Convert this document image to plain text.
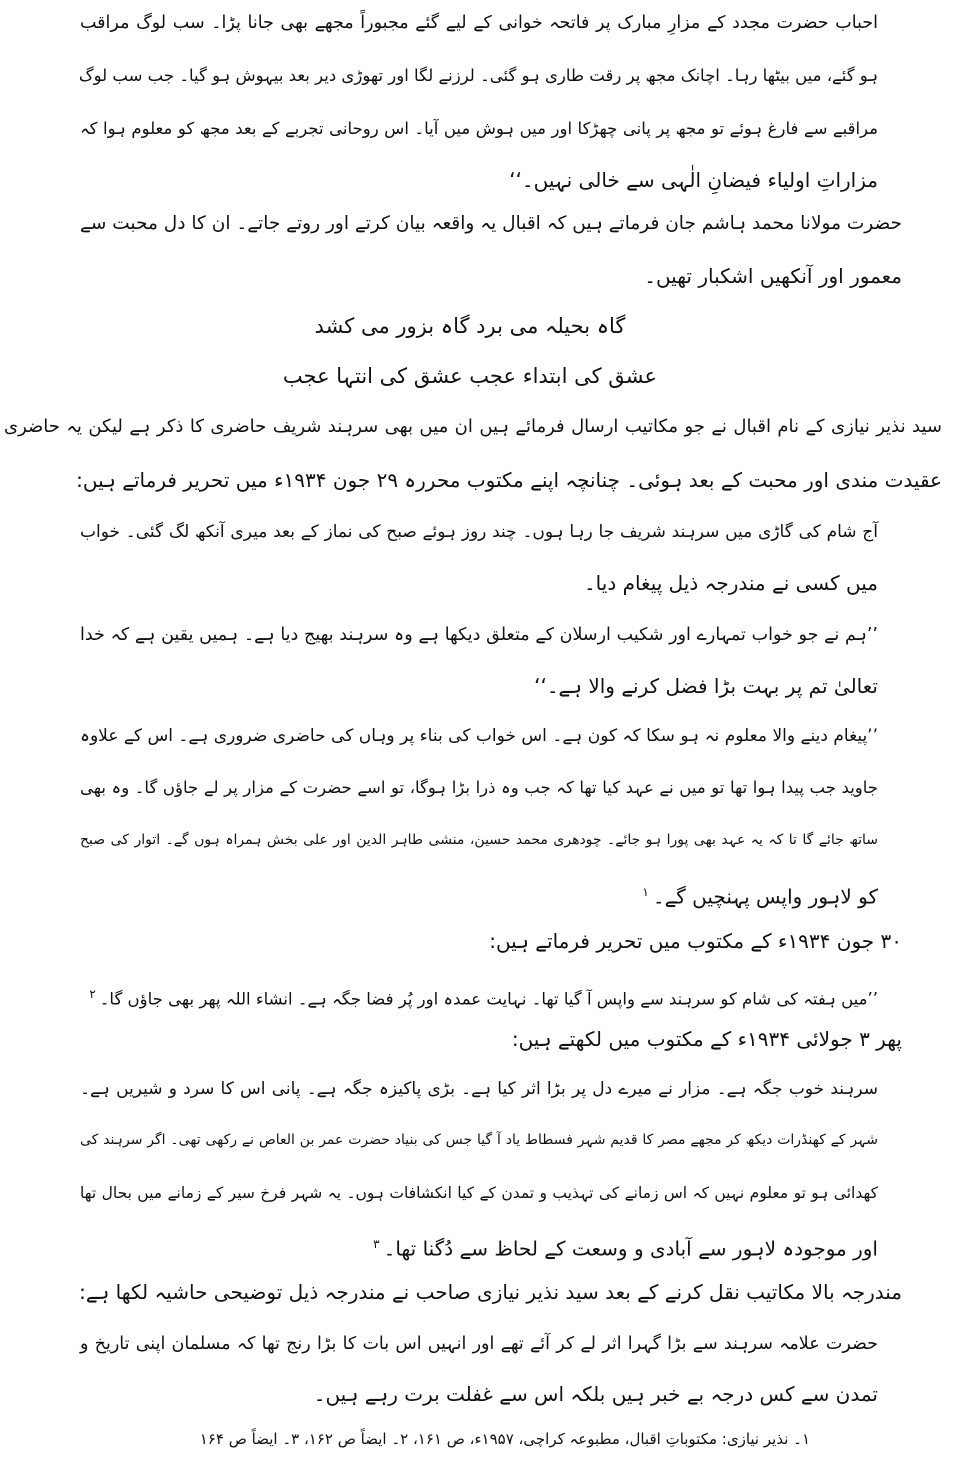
احباب حضرت مجدد کے مزارِ مبارک پر فاتحہ خوانی کے لیے گئے مجبوراً مجھے بھی جانا پڑا۔ سب لوگ مراقب
ہو گئے، میں بیٹھا رہا۔ اچانک مجھ پر رقت طاری ہو گئی۔ لرزنے لگا اور تھوڑی دیر بعد بیہوش ہو گیا۔ جب سب لوگ
مراقبے سے فارغ ہوئے تو مجھ پر پانی چھڑکا اور میں ہوش میں آیا۔ اس روحانی تجربے کے بعد مجھ کو معلوم ہوا کہ
مزاراتِ اولیاء فیضانِ الٰہی سے خالی نہیں۔‘‘
حضرت مولانا محمد ہاشم جان فرماتے ہیں کہ اقبال یہ واقعہ بیان کرتے اور روتے جاتے۔ ان کا دل محبت سے
معمور اور آنکھیں اشکبار تھیں۔
گاہ بحیلہ می برد گاہ بزور می کشد
عشق کی ابتداء عجب عشق کی انتہا عجب
سید نذیر نیازی کے نام اقبال نے جو مکاتیب ارسال فرمائے ہیں ان میں بھی سرہند شریف حاضری کا ذکر ہے لیکن یہ حاضری
عقیدت مندی اور محبت کے بعد ہوئی۔ چنانچہ اپنے مکتوب محررہ ۲۹ جون ۱۹۳۴ء میں تحریر فرماتے ہیں:
آج شام کی گاڑی میں سرہند شریف جا رہا ہوں۔ چند روز ہوئے صبح کی نماز کے بعد میری آنکھ لگ گئی۔ خواب
میں کسی نے مندرجہ ذیل پیغام دیا۔
’’ہم نے جو خواب تمہارے اور شکیب ارسلان کے متعلق دیکھا ہے وہ سرہند بھیج دیا ہے۔ ہمیں یقین ہے کہ خدا
تعالیٰ تم پر بہت بڑا فضل کرنے والا ہے۔‘‘
’’پیغام دینے والا معلوم نہ ہو سکا کہ کون ہے۔ اس خواب کی بناء پر وہاں کی حاضری ضروری ہے۔ اس کے علاوہ
جاوید جب پیدا ہوا تھا تو میں نے عہد کیا تھا کہ جب وہ ذرا بڑا ہوگا، تو اسے حضرت کے مزار پر لے جاؤں گا۔ وہ بھی
ساتھ جائے گا تا کہ یہ عہد بھی پورا ہو جائے۔ چودھری محمد حسین، منشی طاہر الدین اور علی بخش ہمراہ ہوں گے۔ اتوار کی صبح
کو لاہور واپس پہنچیں گے۔$^۱$
۳۰ جون ۱۹۳۴ء کے مکتوب میں تحریر فرماتے ہیں:
’’میں ہفتہ کی شام کو سرہند سے واپس آ گیا تھا۔ نہایت عمدہ اور پُر فضا جگہ ہے۔ انشاء اللہ پھر بھی جاؤں گا۔$^۲$
پھر ۳ جولائی ۱۹۳۴ء کے مکتوب میں لکھتے ہیں:
سرہند خوب جگہ ہے۔ مزار نے میرے دل پر بڑا اثر کیا ہے۔ بڑی پاکیزہ جگہ ہے۔ پانی اس کا سرد و شیریں ہے۔
شہر کے کھنڈرات دیکھ کر مجھے مصر کا قدیم شہر فسطاط یاد آ گیا جس کی بنیاد حضرت عمر بن العاص نے رکھی تھی۔ اگر سرہند کی
کھدائی ہو تو معلوم نہیں کہ اس زمانے کی تہذیب و تمدن کے کیا انکشافات ہوں۔ یہ شہر فرخ سیر کے زمانے میں بحال تھا
اور موجودہ لاہور سے آبادی و وسعت کے لحاظ سے دُگنا تھا۔$^۳$
مندرجہ بالا مکاتیب نقل کرنے کے بعد سید نذیر نیازی صاحب نے مندرجہ ذیل توضیحی حاشیہ لکھا ہے:
حضرت علامہ سرہند سے بڑا گہرا اثر لے کر آئے تھے اور انہیں اس بات کا بڑا رنج تھا کہ مسلمان اپنی تاریخ و
تمدن سے کس درجہ بے خبر ہیں بلکہ اس سے غفلت برت رہے ہیں۔
۱۔ نذیر نیازی: مکتوباتِ اقبال، مطبوعہ کراچی، ۱۹۵۷ء، ص ۱۶۱، ۲۔ ایضاً ص ۱۶۲، ۳۔ ایضاً ص ۱۶۴
